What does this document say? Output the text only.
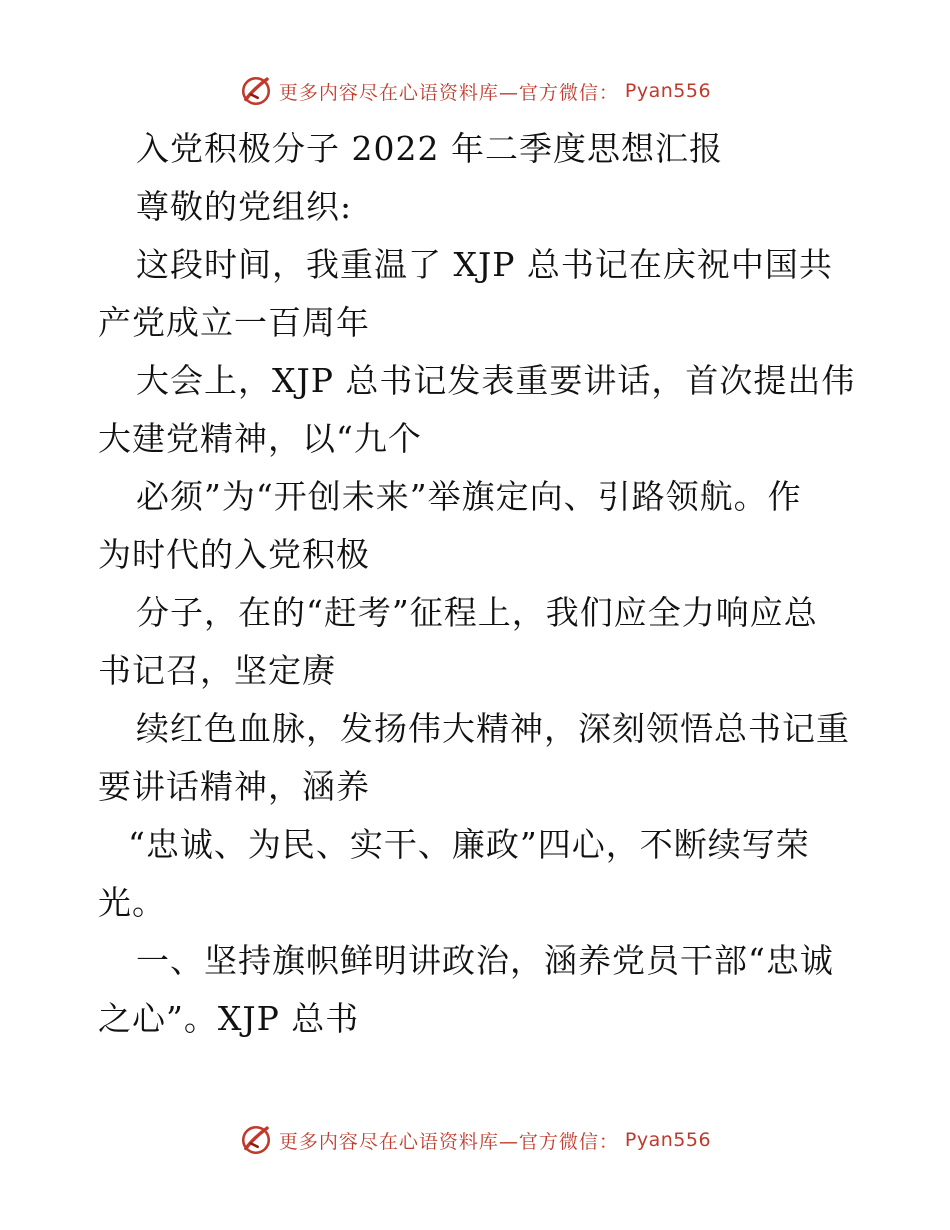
更多内容尽在心语资料库—官方微信： Pyan556
入党积极分子 2022 年二季度思想汇报
尊敬的党组织:
这段时间，我重温了 XJP 总书记在庆祝中国共
产党成立一百周年
大会上，XJP 总书记发表重要讲话，首次提出伟
大建党精神，以“九个
必须”为“开创未来”举旗定向、引路领航。作
为时代的入党积极
分子，在的“赶考”征程上，我们应全力响应总
书记召，坚定赓
续红色血脉，发扬伟大精神，深刻领悟总书记重
要讲话精神，涵养
“忠诚、为民、实干、廉政”四心，不断续写荣
光。
一、坚持旗帜鲜明讲政治，涵养党员干部“忠诚
之心”。XJP 总书
更多内容尽在心语资料库—官方微信： Pyan556
